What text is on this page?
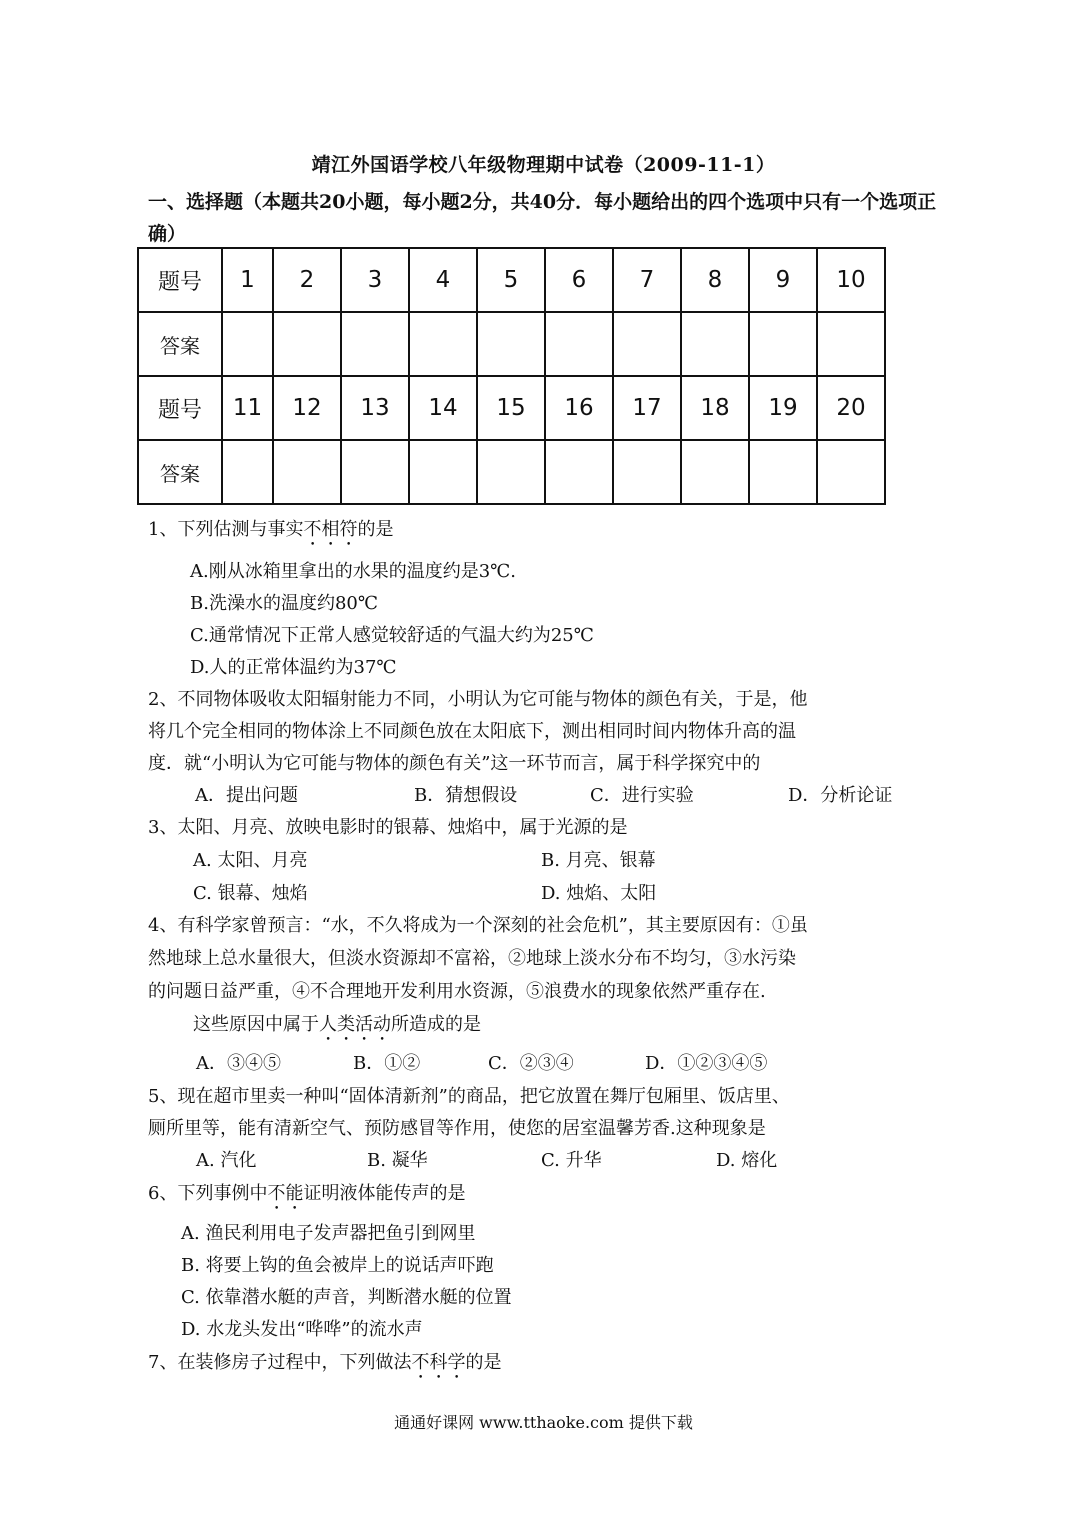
靖江外国语学校八年级物理期中试卷（2009-11-1）
一、选择题（本题共20小题，每小题2分，共40分．每小题给出的四个选项中只有一个选项正确）
题号	1	2	3	4	5	6	7	8	9	10
答案										
题号	11	12	13	14	15	16	17	18	19	20
答案										
1、下列估测与事实不相符的是
A.刚从冰箱里拿出的水果的温度约是3℃.
B.洗澡水的温度约80℃
C.通常情况下正常人感觉较舒适的气温大约为25℃
D.人的正常体温约为37℃
2、不同物体吸收太阳辐射能力不同，小明认为它可能与物体的颜色有关，于是，他
将几个完全相同的物体涂上不同颜色放在太阳底下，测出相同时间内物体升高的温
度．就“小明认为它可能与物体的颜色有关”这一环节而言，属于科学探究中的
A．提出问题	B．猜想假设	C．进行实验	D．分析论证
3、太阳、月亮、放映电影时的银幕、烛焰中，属于光源的是
A. 太阳、月亮	B. 月亮、银幕
C. 银幕、烛焰	D. 烛焰、太阳
4、有科学家曾预言：“水，不久将成为一个深刻的社会危机”，其主要原因有：①虽
然地球上总水量很大，但淡水资源却不富裕，②地球上淡水分布不均匀，③水污染
的问题日益严重，④不合理地开发利用水资源，⑤浪费水的现象依然严重存在.
这些原因中属于人类活动所造成的是
A．③④⑤	B．①②	C．②③④	D．①②③④⑤
5、现在超市里卖一种叫“固体清新剂”的商品，把它放置在舞厅包厢里、饭店里、
厕所里等，能有清新空气、预防感冒等作用，使您的居室温馨芳香.这种现象是
A. 汽化	B. 凝华	C. 升华	D. 熔化
6、下列事例中不能证明液体能传声的是
A. 渔民利用电子发声器把鱼引到网里
B. 将要上钩的鱼会被岸上的说话声吓跑
C. 依靠潜水艇的声音，判断潜水艇的位置
D. 水龙头发出“哗哗”的流水声
7、在装修房子过程中，下列做法不科学的是
通通好课网 www.tthaoke.com 提供下载
